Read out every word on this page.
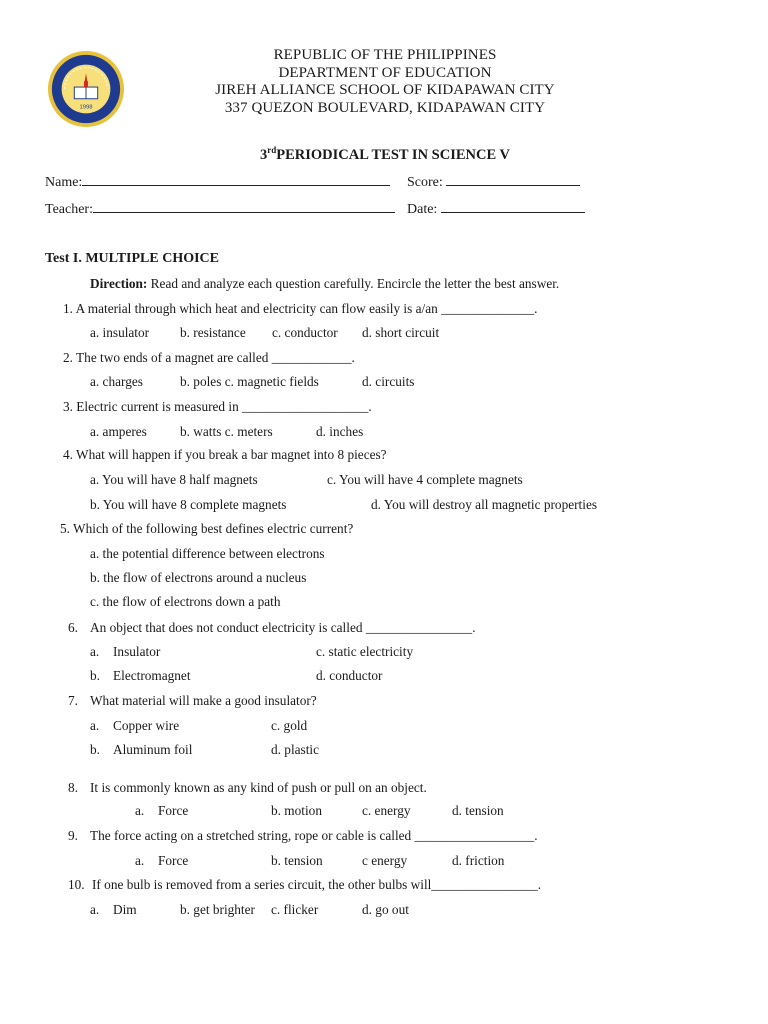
1998
REPUBLIC OF THE PHILIPPINES
DEPARTMENT OF EDUCATION
JIREH ALLIANCE SCHOOL OF KIDAPAWAN CITY
337 QUEZON BOULEVARD, KIDAPAWAN CITY
3rdPERIODICAL TEST IN SCIENCE V
Name:	Score:
Teacher:	Date:
Test I. MULTIPLE CHOICE
Direction: Read and analyze each question carefully. Encircle the letter the best answer.
1. A material through which heat and electricity can flow easily is a/an ______________.
a. insulator b. resistance c. conductor d. short circuit
2. The two ends of a magnet are called ____________.
a. charges	b. poles c. magnetic fields	d. circuits
3. Electric current is measured in ___________________.
a. amperes b. watts c. meters	d. inches
4. What will happen if you break a bar magnet into 8 pieces?
a. You will have 8 half magnets	c. You will have 4 complete magnets
b. You will have 8 complete magnets	d. You will destroy all magnetic properties
5. Which of the following best defines electric current?
a. the potential difference between electrons
b. the flow of electrons around a nucleus
c. the flow of electrons down a path
6. An object that does not conduct electricity is called ________________.
a. Insulator	c. static electricity
b. Electromagnet	d. conductor
7. What material will make a good insulator?
a. Copper wire	c. gold
b. Aluminum foil	d. plastic
8. It is commonly known as any kind of push or pull on an object.
a. Force	b. motion	c. energy	d. tension
9. The force acting on a stretched string, rope or cable is called __________________.
a. Force	b. tension	c energy	d. friction
10. If one bulb is removed from a series circuit, the other bulbs will________________.
a. Dim	b. get brighter c. flicker	d. go out
